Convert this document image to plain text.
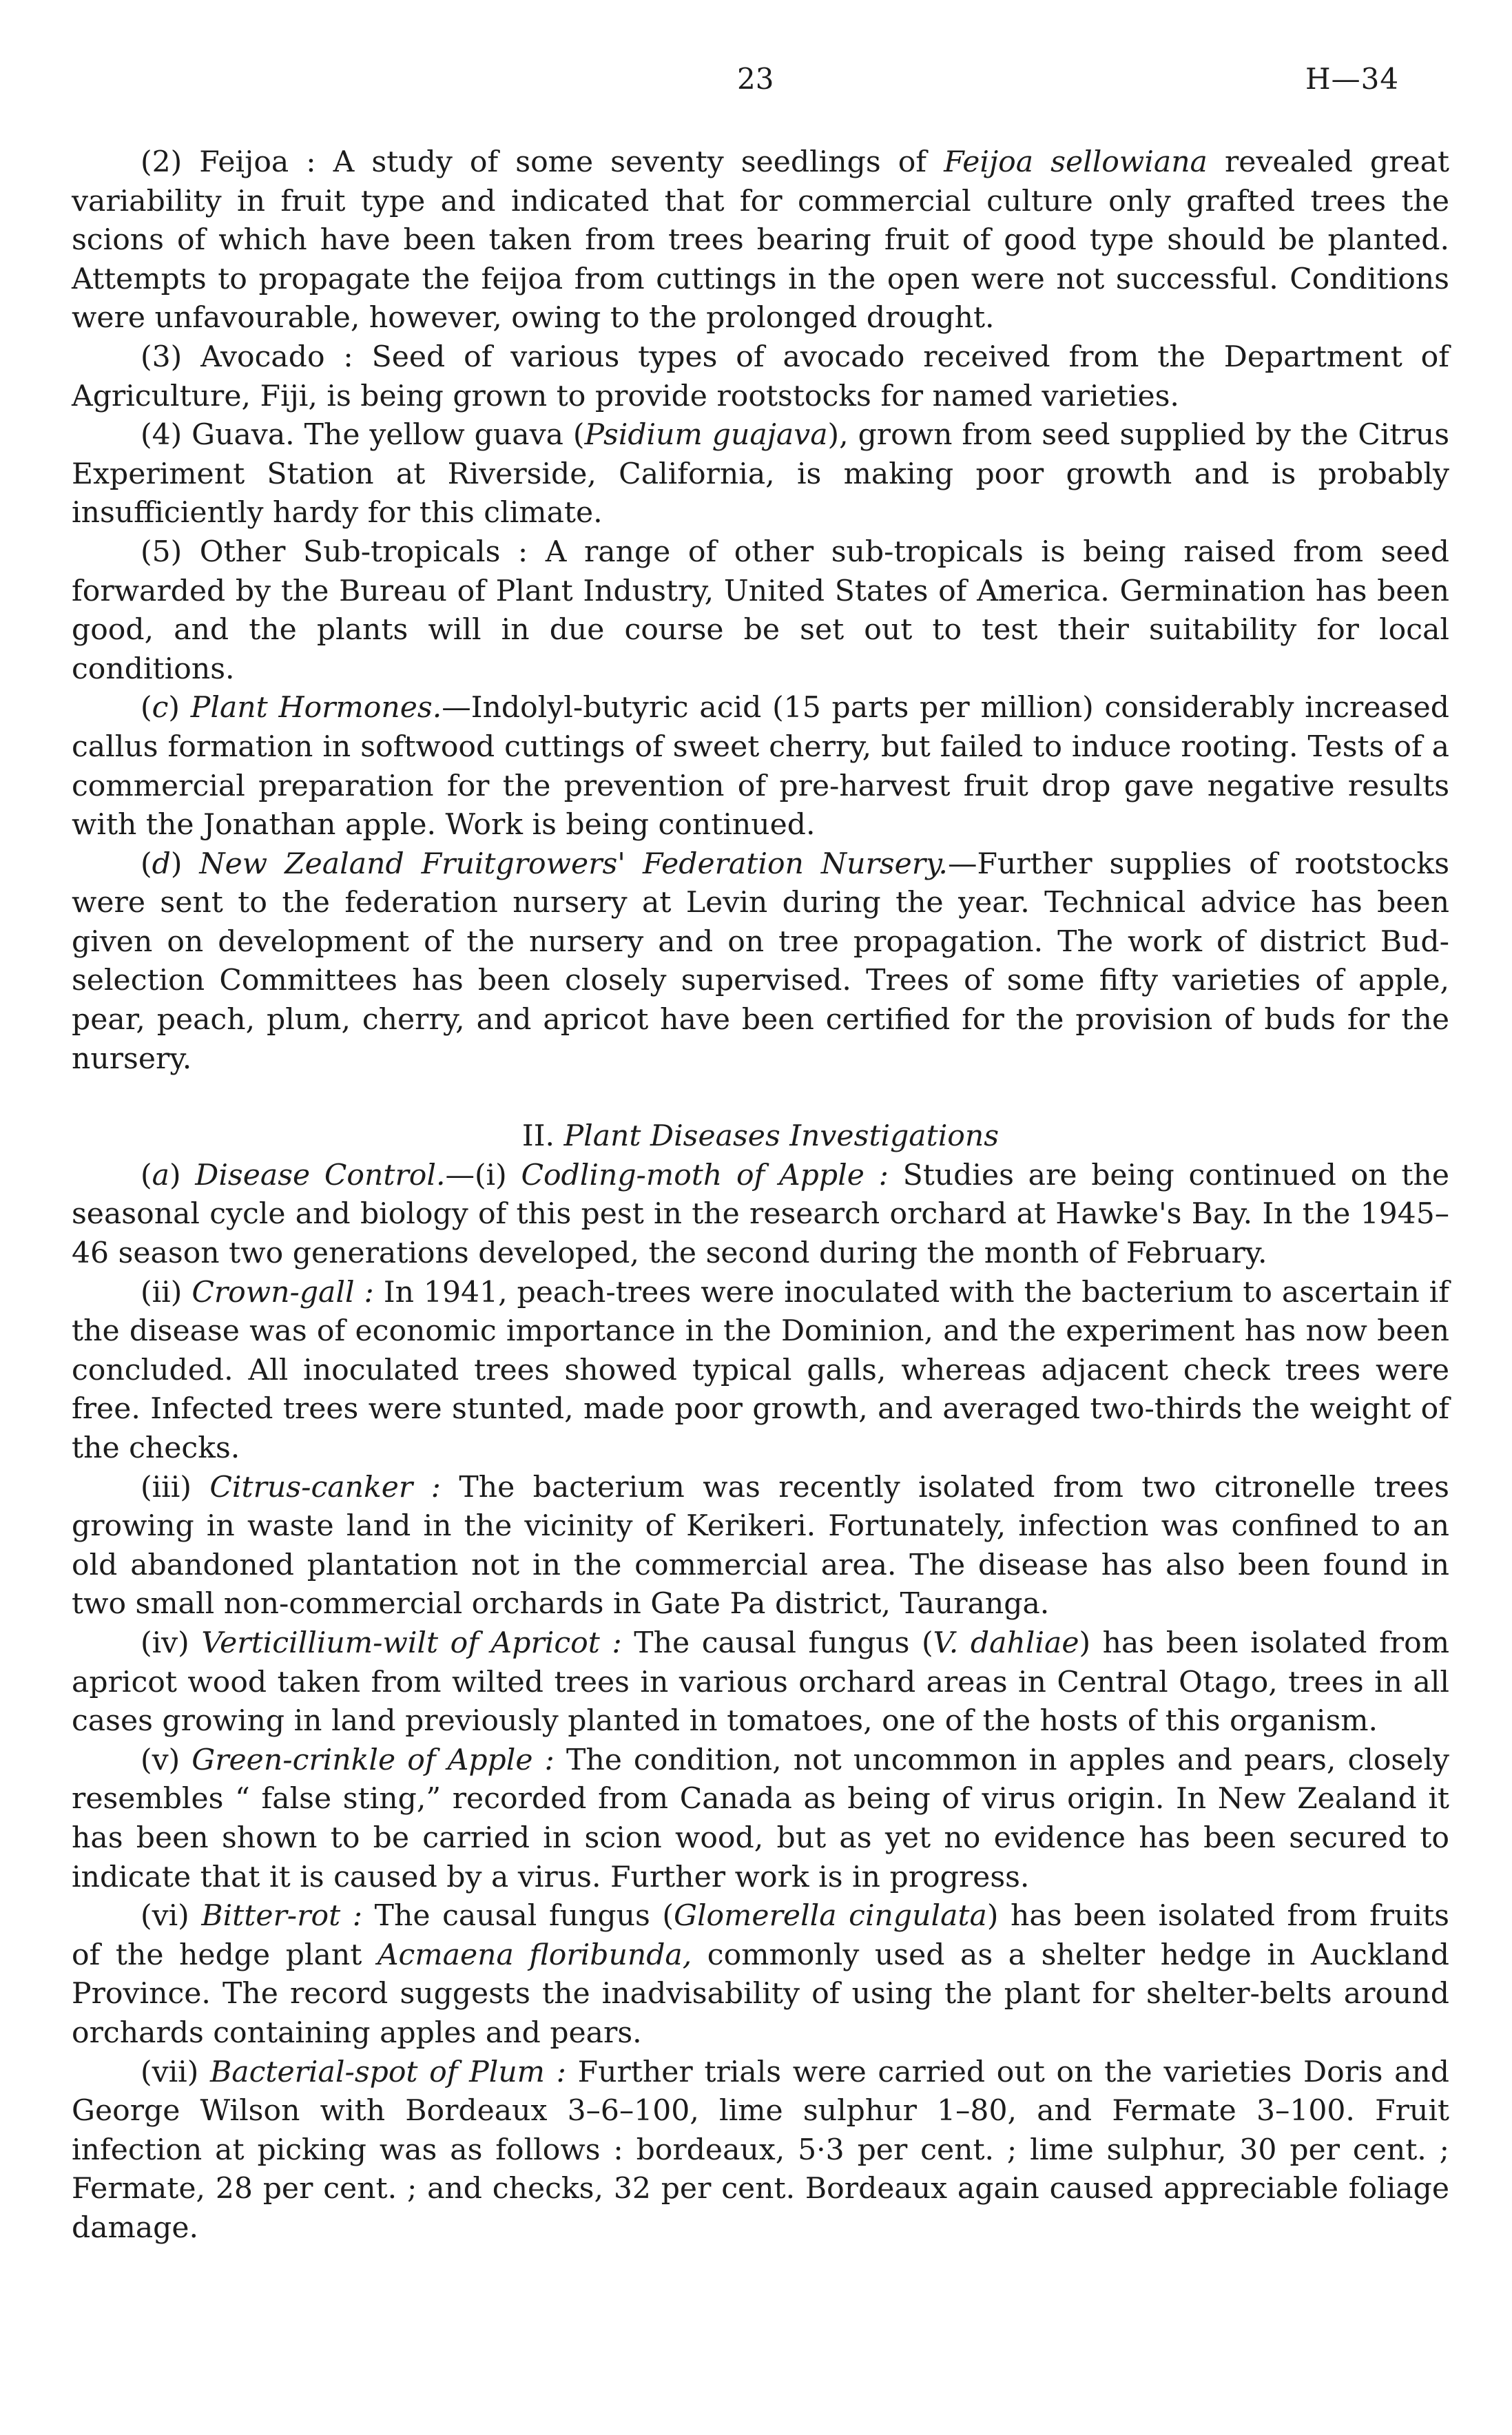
23	H—34

(2) Feijoa : A study of some seventy seedlings of Feijoa sellowiana revealed great variability in fruit type and indicated that for commercial culture only grafted trees the scions of which have been taken from trees bearing fruit of good type should be planted. Attempts to propagate the feijoa from cuttings in the open were not successful. Conditions were unfavourable, however, owing to the prolonged drought.

(3) Avocado : Seed of various types of avocado received from the Department of Agriculture, Fiji, is being grown to provide rootstocks for named varieties.

(4) Guava. The yellow guava (Psidium guajava), grown from seed supplied by the Citrus Experiment Station at Riverside, California, is making poor growth and is probably insufficiently hardy for this climate.

(5) Other Sub-tropicals : A range of other sub-tropicals is being raised from seed forwarded by the Bureau of Plant Industry, United States of America. Germination has been good, and the plants will in due course be set out to test their suitability for local conditions.

(c) Plant Hormones.—Indolyl-butyric acid (15 parts per million) considerably increased callus formation in softwood cuttings of sweet cherry, but failed to induce rooting. Tests of a commercial preparation for the prevention of pre-harvest fruit drop gave negative results with the Jonathan apple. Work is being continued.

(d) New Zealand Fruitgrowers' Federation Nursery.—Further supplies of rootstocks were sent to the federation nursery at Levin during the year. Technical advice has been given on development of the nursery and on tree propagation. The work of district Bud-selection Committees has been closely supervised. Trees of some fifty varieties of apple, pear, peach, plum, cherry, and apricot have been certified for the provision of buds for the nursery.

II. Plant Diseases Investigations

(a) Disease Control.—(i) Codling-moth of Apple : Studies are being continued on the seasonal cycle and biology of this pest in the research orchard at Hawke's Bay. In the 1945–46 season two generations developed, the second during the month of February.

(ii) Crown-gall : In 1941, peach-trees were inoculated with the bacterium to ascertain if the disease was of economic importance in the Dominion, and the experiment has now been concluded. All inoculated trees showed typical galls, whereas adjacent check trees were free. Infected trees were stunted, made poor growth, and averaged two-thirds the weight of the checks.

(iii) Citrus-canker : The bacterium was recently isolated from two citronelle trees growing in waste land in the vicinity of Kerikeri. Fortunately, infection was confined to an old abandoned plantation not in the commercial area. The disease has also been found in two small non-commercial orchards in Gate Pa district, Tauranga.

(iv) Verticillium-wilt of Apricot : The causal fungus (V. dahliae) has been isolated from apricot wood taken from wilted trees in various orchard areas in Central Otago, trees in all cases growing in land previously planted in tomatoes, one of the hosts of this organism.

(v) Green-crinkle of Apple : The condition, not uncommon in apples and pears, closely resembles “ false sting,” recorded from Canada as being of virus origin. In New Zealand it has been shown to be carried in scion wood, but as yet no evidence has been secured to indicate that it is caused by a virus. Further work is in progress.

(vi) Bitter-rot : The causal fungus (Glomerella cingulata) has been isolated from fruits of the hedge plant Acmaena floribunda, commonly used as a shelter hedge in Auckland Province. The record suggests the inadvisability of using the plant for shelter-belts around orchards containing apples and pears.

(vii) Bacterial-spot of Plum : Further trials were carried out on the varieties Doris and George Wilson with Bordeaux 3–6–100, lime sulphur 1–80, and Fermate 3–100. Fruit infection at picking was as follows : bordeaux, 5·3 per cent. ; lime sulphur, 30 per cent. ; Fermate, 28 per cent. ; and checks, 32 per cent. Bordeaux again caused appreciable foliage damage.
